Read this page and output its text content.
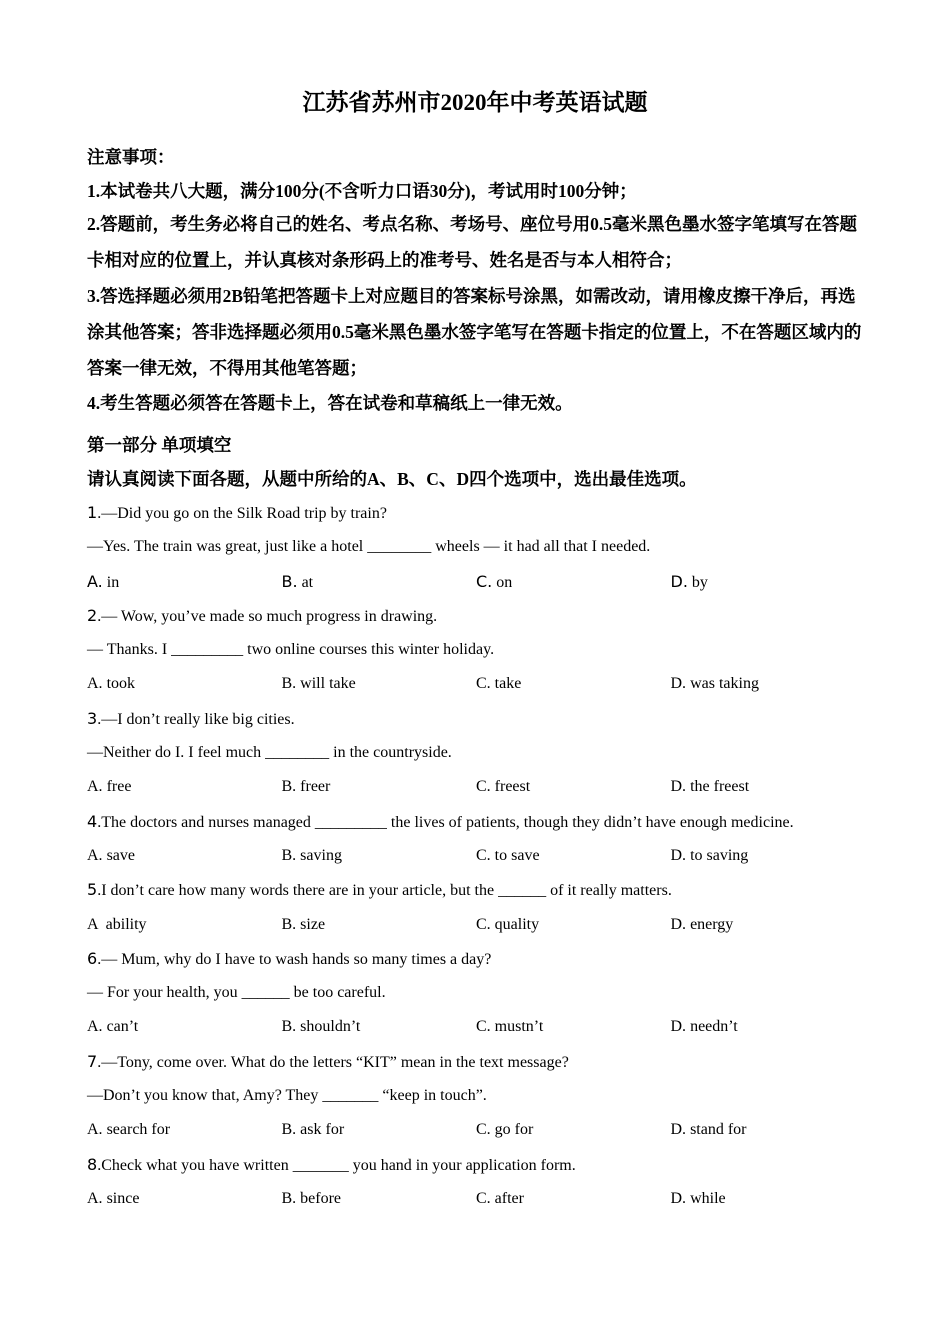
江苏省苏州市2020年中考英语试题
注意事项：
1.本试卷共八大题，满分100分(不含听力口语30分)，考试用时100分钟；
2.答题前，考生务必将自己的姓名、考点名称、考场号、座位号用0.5毫米黑色墨水签字笔填写在答题卡相对应的位置上，并认真核对条形码上的准考号、姓名是否与本人相符合；
3.答选择题必须用2B铅笔把答题卡上对应题目的答案标号涂黑，如需改动，请用橡皮擦干净后，再选涂其他答案；答非选择题必须用0.5毫米黑色墨水签字笔写在答题卡指定的位置上，不在答题区域内的答案一律无效，不得用其他笔答题；
4.考生答题必须答在答题卡上，答在试卷和草稿纸上一律无效。
第一部分 单项填空
请认真阅读下面各题，从题中所给的A、B、C、D四个选项中，选出最佳选项。
1.—Did you go on the Silk Road trip by train?
—Yes. The train was great, just like a hotel ________ wheels — it had all that I needed.
A. in	B. at	C. on	D. by
2.— Wow, you’ve made so much progress in drawing.
— Thanks. I _________ two online courses this winter holiday.
A. took	B. will take	C. take	D. was taking
3.—I don’t really like big cities.
—Neither do I. I feel much ________ in the countryside.
A. free	B. freer	C. freest	D. the freest
4.The doctors and nurses managed _________ the lives of patients, though they didn’t have enough medicine.
A. save	B. saving	C. to save	D. to saving
5.I don’t care how many words there are in your article, but the ______ of it really matters.
A  ability	B. size	C. quality	D. energy
6.— Mum, why do I have to wash hands so many times a day?
— For your health, you ______ be too careful.
A. can’t	B. shouldn’t	C. mustn’t	D. needn’t
7.—Tony, come over. What do the letters “KIT” mean in the text message?
—Don’t you know that, Amy? They _______ “keep in touch”.
A. search for	B. ask for	C. go for	D. stand for
8.Check what you have written _______ you hand in your application form.
A. since	B. before	C. after	D. while
